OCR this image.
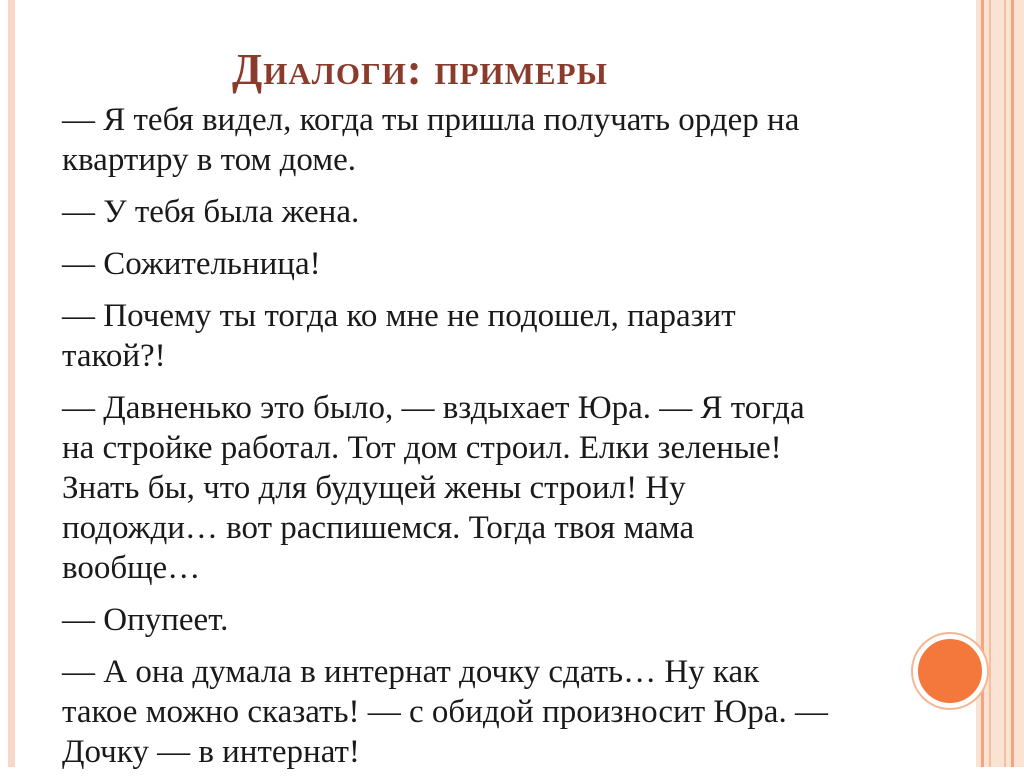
Диалоги: примеры

— Я тебя видел, когда ты пришла получать ордер на
квартиру в том доме.

— У тебя была жена.

— Сожительница!

— Почему ты тогда ко мне не подошел, паразит
такой?!

— Давненько это было, — вздыхает Юра. — Я тогда
на стройке работал. Тот дом строил. Елки зеленые!
Знать бы, что для будущей жены строил! Ну
подожди… вот распишемся. Тогда твоя мама
вообще…

— Опупеет.

— А она думала в интернат дочку сдать… Ну как
такое можно сказать! — с обидой произносит Юра. —
Дочку — в интернат!
